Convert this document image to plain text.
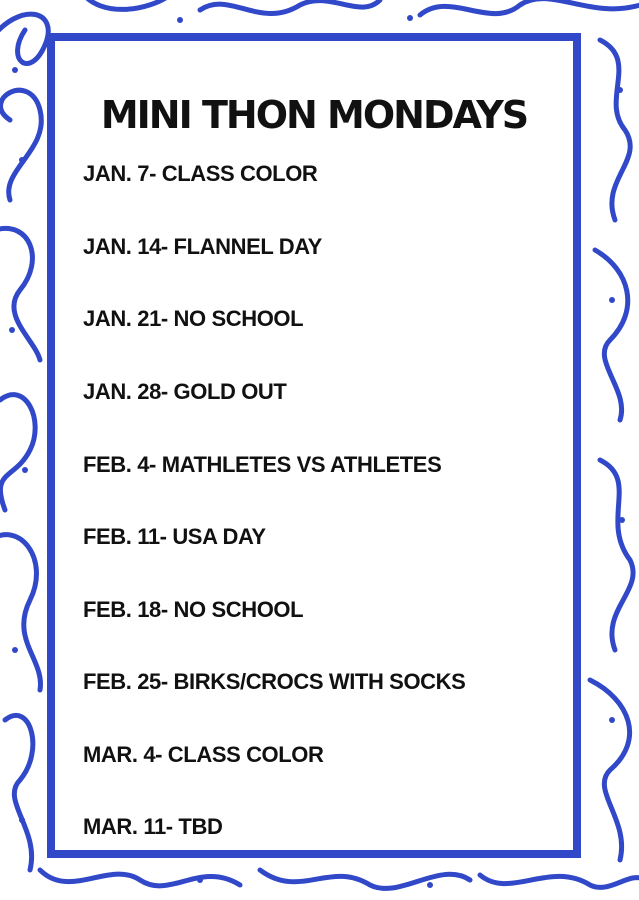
MINI THON MONDAYS

JAN. 7- CLASS COLOR

JAN. 14- FLANNEL DAY

JAN. 21- NO SCHOOL

JAN. 28- GOLD OUT

FEB. 4- MATHLETES VS ATHLETES

FEB. 11- USA DAY

FEB. 18- NO SCHOOL

FEB. 25- BIRKS/CROCS WITH SOCKS

MAR. 4- CLASS COLOR

MAR. 11- TBD
